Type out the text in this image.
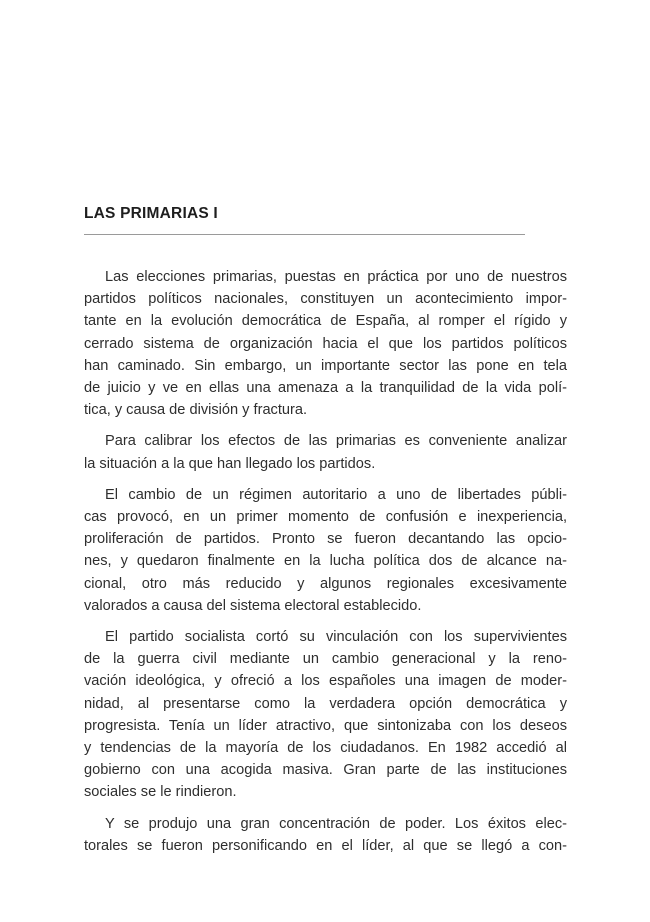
LAS PRIMARIAS I

Las elecciones primarias, puestas en práctica por uno de nuestros
partidos políticos nacionales, constituyen un acontecimiento impor-
tante en la evolución democrática de España, al romper el rígido y
cerrado sistema de organización hacia el que los partidos políticos
han caminado. Sin embargo, un importante sector las pone en tela
de juicio y ve en ellas una amenaza a la tranquilidad de la vida polí-
tica, y causa de división y fractura.

Para calibrar los efectos de las primarias es conveniente analizar
la situación a la que han llegado los partidos.

El cambio de un régimen autoritario a uno de libertades públi-
cas provocó, en un primer momento de confusión e inexperiencia,
proliferación de partidos. Pronto se fueron decantando las opcio-
nes, y quedaron finalmente en la lucha política dos de alcance na-
cional, otro más reducido y algunos regionales excesivamente
valorados a causa del sistema electoral establecido.

El partido socialista cortó su vinculación con los supervivientes
de la guerra civil mediante un cambio generacional y la reno-
vación ideológica, y ofreció a los españoles una imagen de moder-
nidad, al presentarse como la verdadera opción democrática y
progresista. Tenía un líder atractivo, que sintonizaba con los deseos
y tendencias de la mayoría de los ciudadanos. En 1982 accedió al
gobierno con una acogida masiva. Gran parte de las instituciones
sociales se le rindieron.

Y se produjo una gran concentración de poder. Los éxitos elec-
torales se fueron personificando en el líder, al que se llegó a con-
